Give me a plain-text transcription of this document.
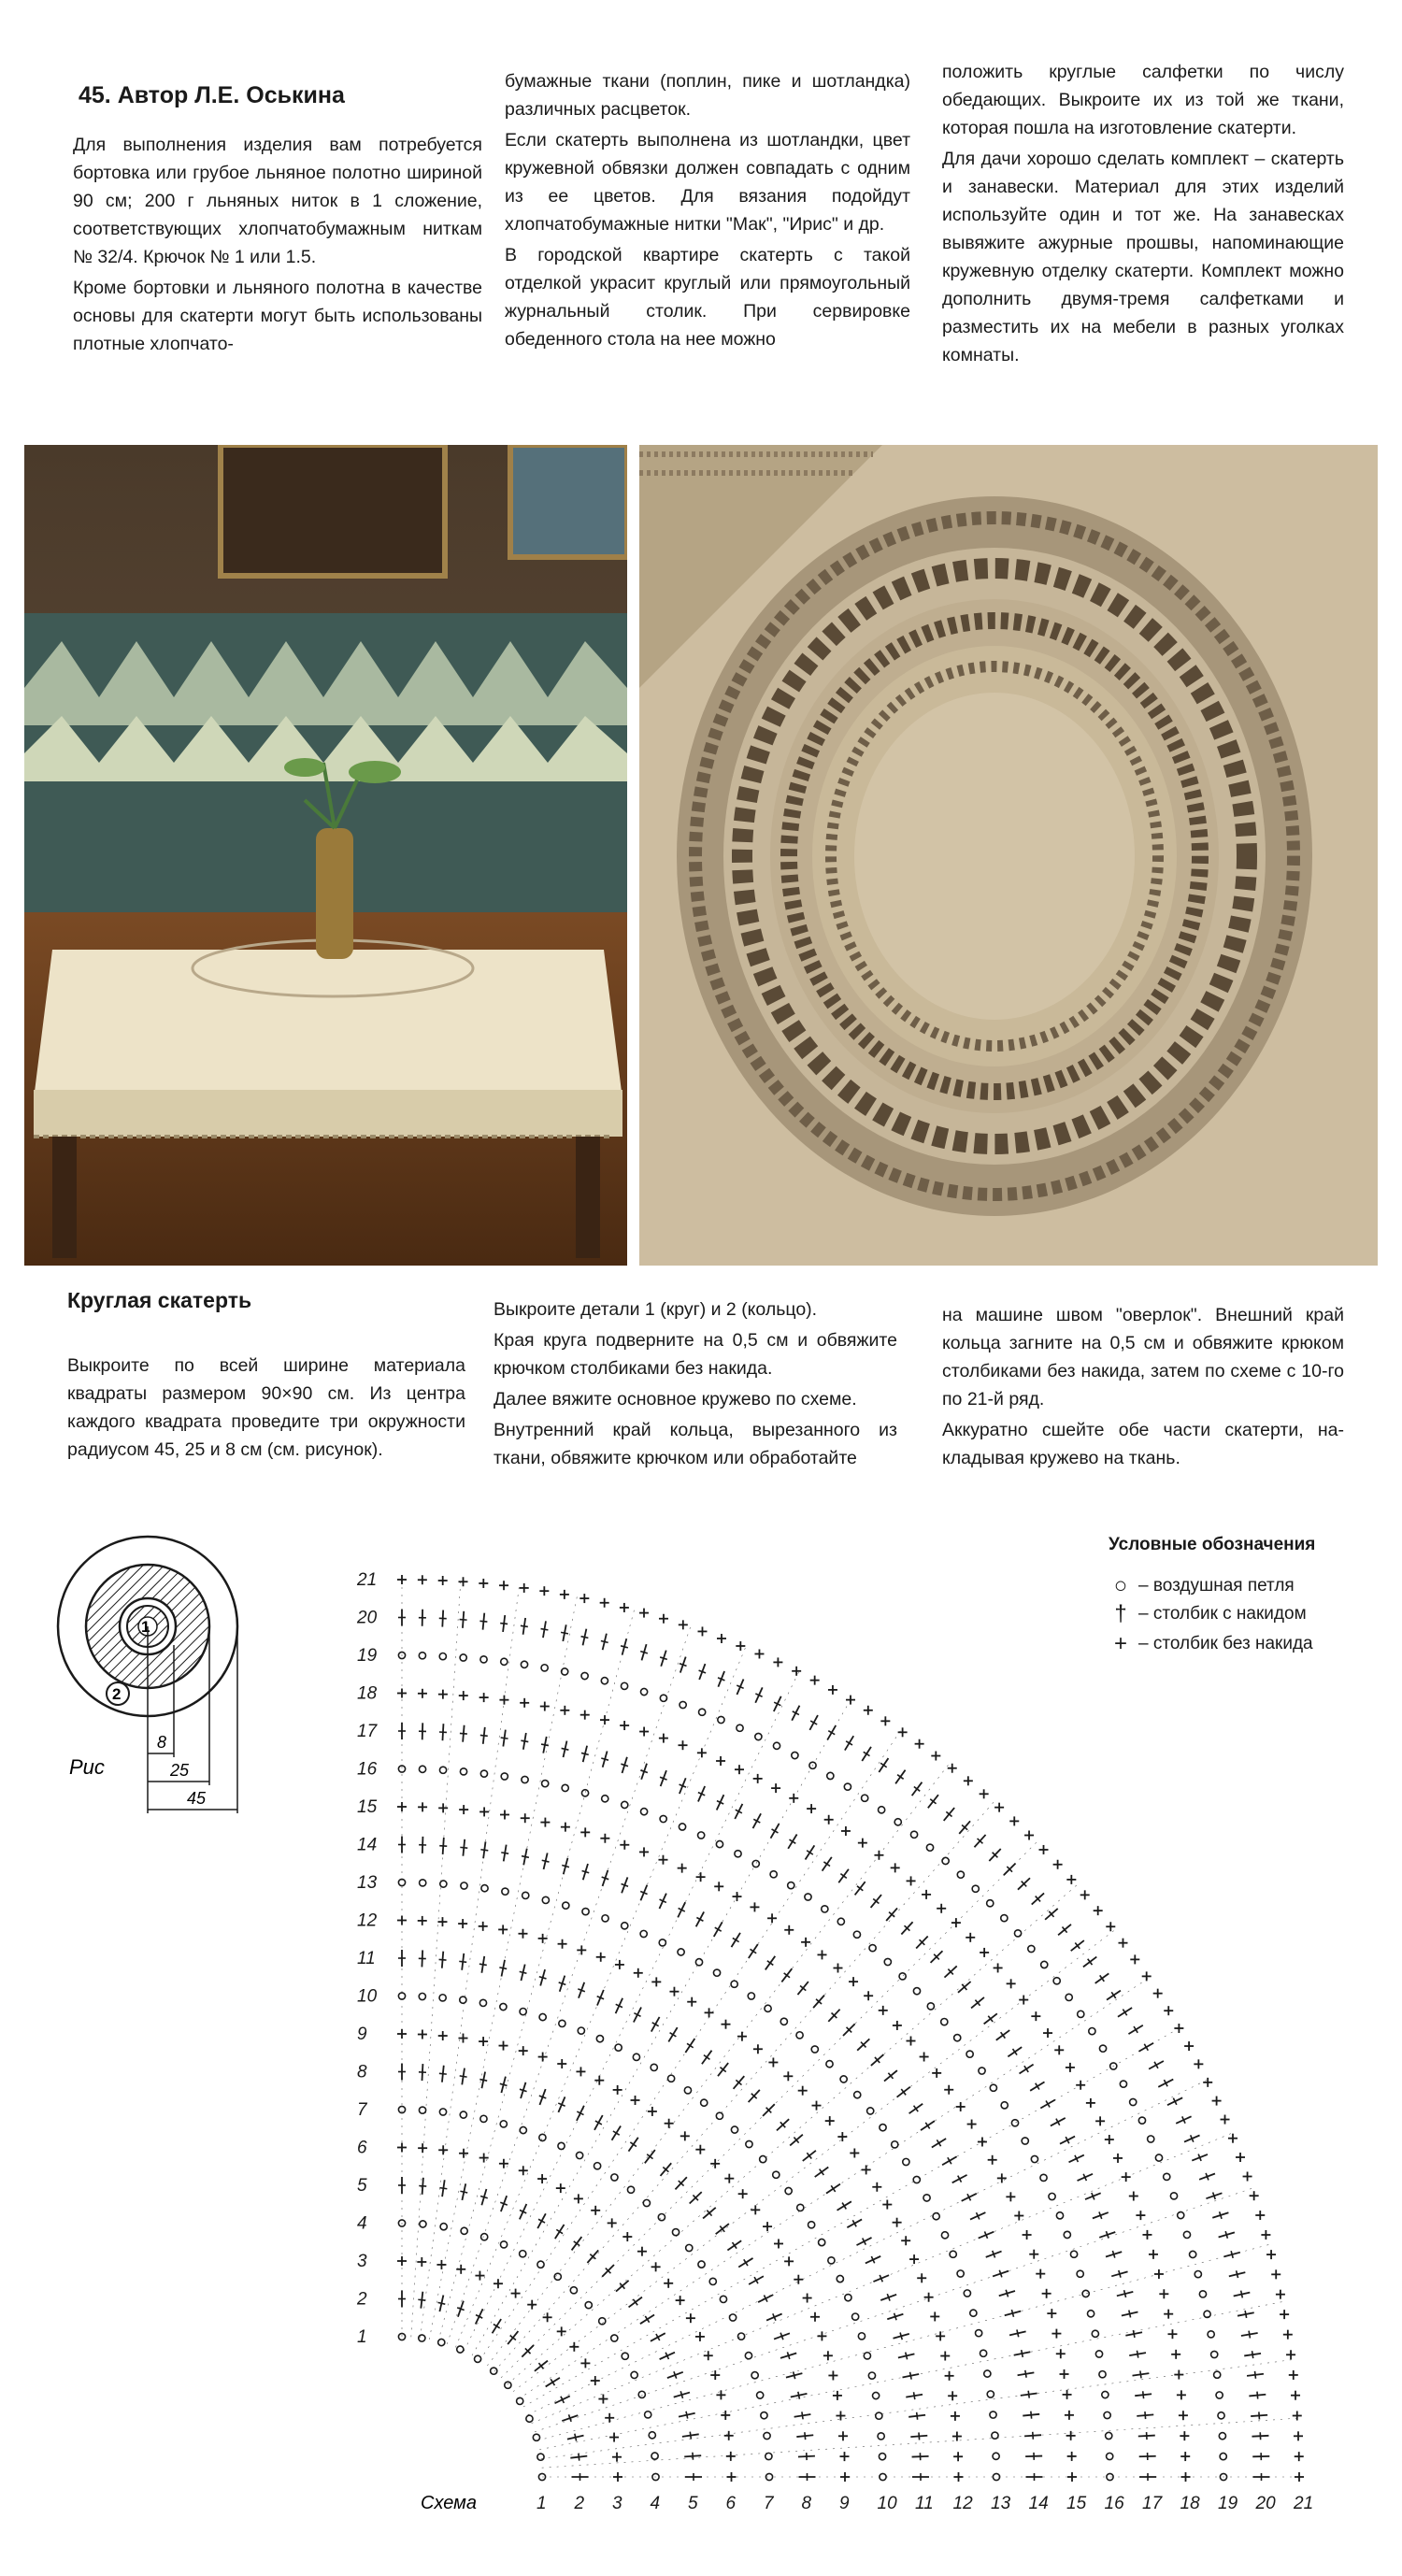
45. Автор Л.Е. Оськина

Для выполнения изделия вам потребуется бортовка или грубое льняное полотно шириной 90 см; 200 г льняных ниток в 1 сложение, соответствующих хлопчатобумажным ниткам № 32/4. Крючок № 1 или 1.5.

Кроме бортовки и льняного полотна в качестве основы для скатерти могут быть использованы плотные хлопчато-

бумажные ткани (поплин, пике и шотландка) различных расцветок.

Если скатерть выполнена из шотландки, цвет кружевной обвязки должен совпадать с одним из ее цветов. Для вязания подойдут хлопчатобумажные нитки "Мак", "Ирис" и др.

В городской квартире скатерть с такой отделкой украсит круглый или прямоугольный журнальный столик. При сервировке обеденного стола на нее можно

положить круглые салфетки по числу обедающих. Выкроите их из той же ткани, которая пошла на изготовление скатерти.

Для дачи хорошо сделать комплект – скатерть и занавески. Материал для этих изделий используйте один и тот же. На занавесках вывяжите ажурные прошвы, напоминающие кружевную отделку скатерти. Комплект можно дополнить двумя-тремя салфетками и разместить их на мебели в разных уголках комнаты.

Круглая скатерть

Выкроите по всей ширине материала квадраты размером 90×90 см. Из центра каждого квадрата проведите три окружности радиусом 45, 25 и 8 см (см. рисунок).

Выкроите детали 1 (круг) и 2 (кольцо).

Края круга подверните на 0,5 см и обвяжите крючком столбиками без накида.

Далее вяжите основное кружево по схеме.

Внутренний край кольца, вырезанного из ткани, обвяжите крючком или обработайте

на машине швом "оверлок". Внешний край кольца загните на 0,5 см и обвяжите крюком столбиками без накида, затем по схеме с 10-го по 21-й ряд.

Аккуратно сшейте обе части скатерти, накладывая кружево на ткань.

1
2
8
25
45
Рис
Условные обозначения
○ – воздушная петля
† – столбик с накидом
+ – столбик без накида
1
2
3
4
5
6
7
8
9
10
11
12
13
14
15
16
17
18
19
20
21
1 2 3 4 5 6 7 8 9 10 11 12 13 14 15 16 17 18 19 20 21
Схема
